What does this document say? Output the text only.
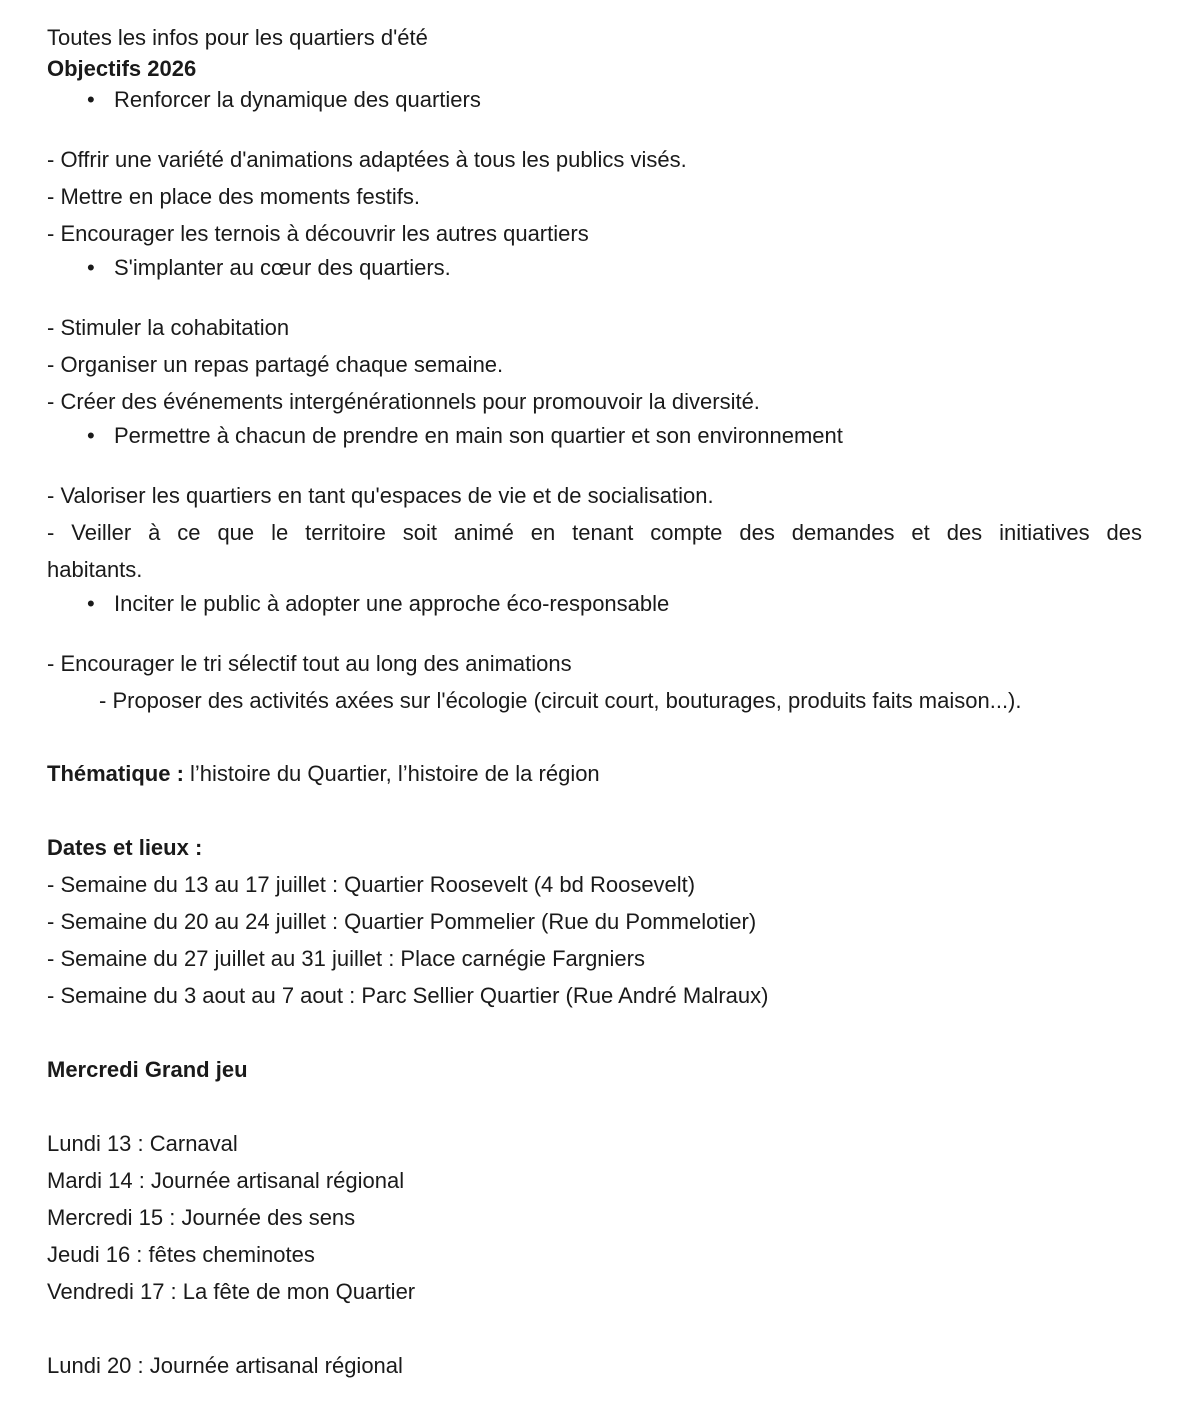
Toutes les infos pour les quartiers d'été
Objectifs 2026
• Renforcer la dynamique des quartiers
- Offrir une variété d'animations adaptées à tous les publics visés.
- Mettre en place des moments festifs.
- Encourager les ternois à découvrir les autres quartiers
• S'implanter au cœur des quartiers.
- Stimuler la cohabitation
- Organiser un repas partagé chaque semaine.
- Créer des événements intergénérationnels pour promouvoir la diversité.
• Permettre à chacun de prendre en main son quartier et son environnement
- Valoriser les quartiers en tant qu'espaces de vie et de socialisation.
- Veiller à ce que le territoire soit animé en tenant compte des demandes et des initiatives des
habitants.
• Inciter le public à adopter une approche éco-responsable
- Encourager le tri sélectif tout au long des animations
- Proposer des activités axées sur l'écologie (circuit court, bouturages, produits faits maison...).
Thématique : l’histoire du Quartier, l’histoire de la région
Dates et lieux :
- Semaine du 13 au 17 juillet : Quartier Roosevelt (4 bd Roosevelt)
- Semaine du 20 au 24 juillet : Quartier Pommelier (Rue du Pommelotier)
- Semaine du 27 juillet au 31 juillet : Place carnégie Fargniers
- Semaine du 3 aout au 7 aout : Parc Sellier Quartier (Rue André Malraux)
Mercredi Grand jeu
Lundi 13 : Carnaval
Mardi 14 : Journée artisanal régional
Mercredi 15 : Journée des sens
Jeudi 16 : fêtes cheminotes
Vendredi 17 : La fête de mon Quartier
Lundi 20 : Journée artisanal régional
